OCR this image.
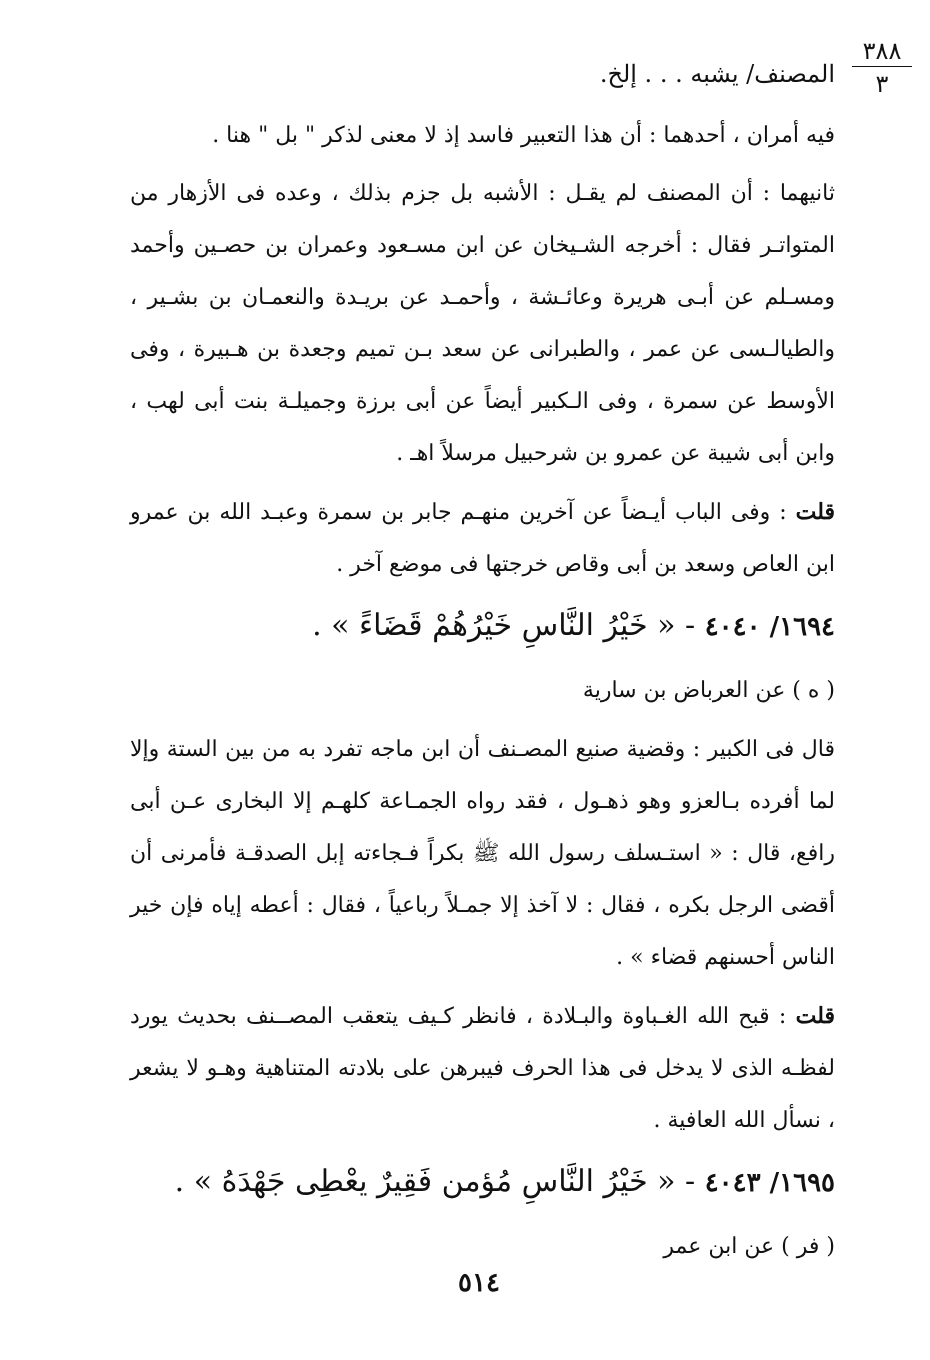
٣٨٨
٣
المصنف/ يشبه . . . إلخ.

فيه أمران ، أحدهما : أن هذا التعبير فاسد إذ لا معنى لذكر " بل " هنا .

ثانيهما : أن المصنف لم يقـل : الأشبه بل جزم بذلك ، وعده فى الأزهار من المتواتـر فقال : أخرجه الشـيخان عن ابن مسـعود وعمران بن حصـين وأحمد ومسـلم عن أبـى هريرة وعائـشة ، وأحمـد عن بريـدة والنعمـان بن بشـير ، والطيالـسى عن عمر ، والطبرانى عن سعد بـن تميم وجعدة بن هـبيرة ، وفى الأوسط عن سمرة ، وفى الـكبير أيضاً عن أبى برزة وجميلـة بنت أبى لهب ، وابن أبى شيبة عن عمرو بن شرحبيل مرسلاً اهـ .

قلت : وفى الباب أيـضاً عن آخرين منهـم جابر بن سمرة وعبـد الله بن عمرو ابن العاص وسعد بن أبى وقاص خرجتها فى موضع آخر .

١٦٩٤/ ٤٠٤٠ - « خَيْرُ النَّاسِ خَيْرُهُمْ قَضَاءً » .
( ه ) عن العرباض بن سارية

قال فى الكبير : وقضية صنيع المصـنف أن ابن ماجه تفرد به من بين الستة وإلا لما أفرده بـالعزو وهو ذهـول ، فقد رواه الجمـاعة كلهـم إلا البخارى عـن أبى رافع، قال : « استـسلف رسول الله ﷺ بكراً فـجاءته إبل الصدقـة فأمرنى أن أقضى الرجل بكره ، فقال : لا آخذ إلا جمـلاً رباعياً ، فقال : أعطه إياه فإن خير الناس أحسنهم قضاء » .

قلت : قبح الله الغـباوة والبـلادة ، فانظر كـيف يتعقب المصــنف بحديث يورد لفظـه الذى لا يدخل فى هذا الحرف فيبرهن على بلادته المتناهية وهـو لا يشعر ، نسأل الله العافية .

١٦٩٥/ ٤٠٤٣ - « خَيْرُ النَّاسِ مُؤمن فَقِيرٌ يعْطِى جَهْدَهُ » .
( فر ) عن ابن عمر
٥١٤
